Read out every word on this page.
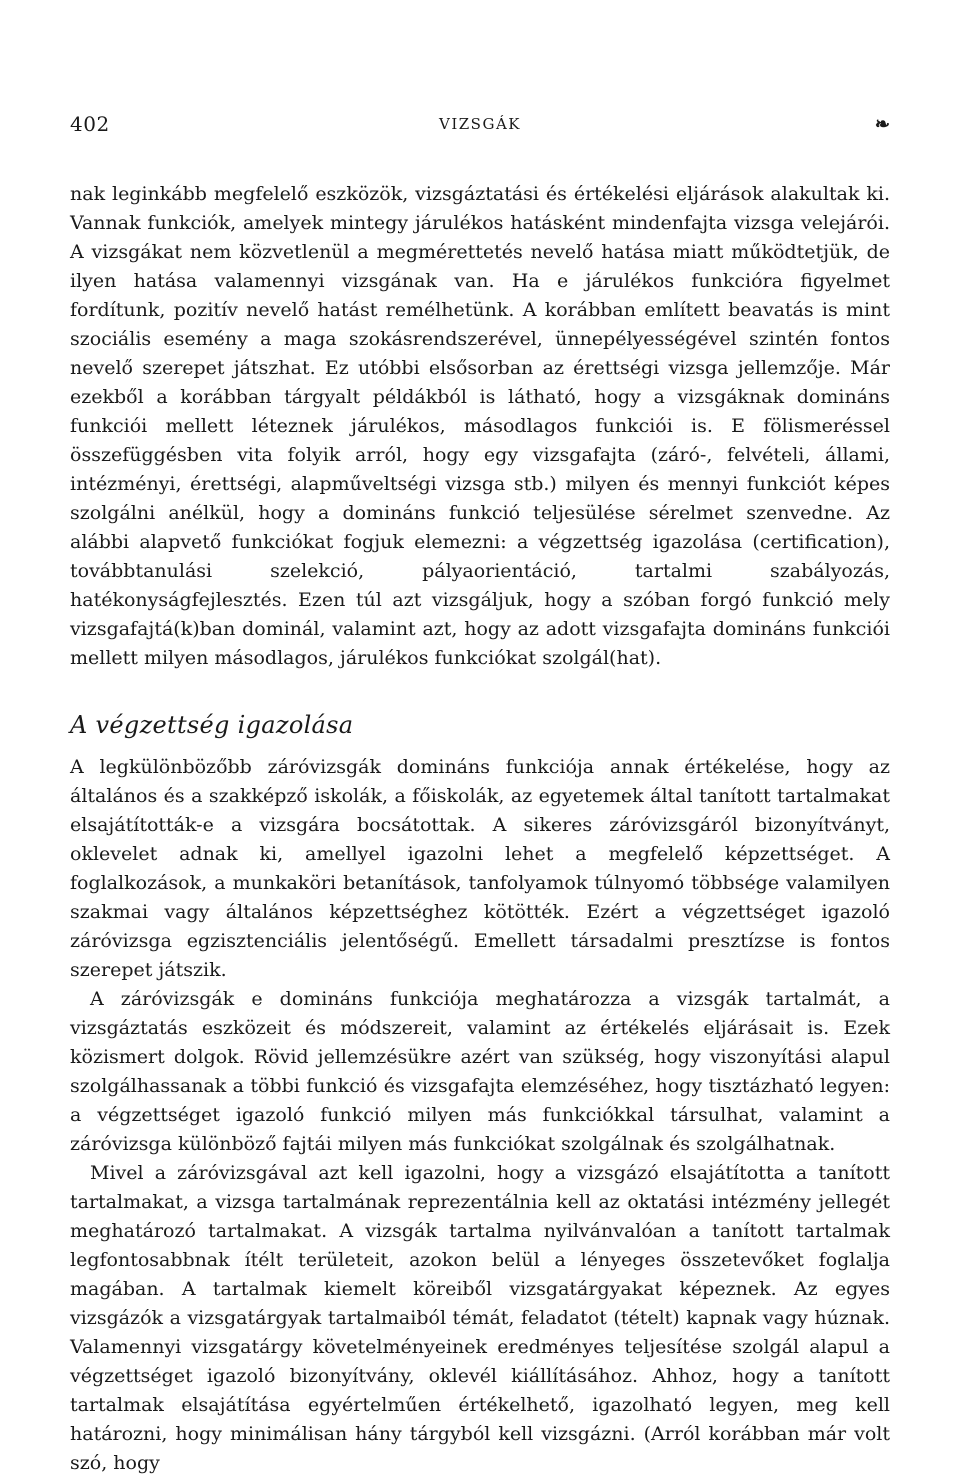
402	VIZSGÁK	❧

nak leginkább megfelelő eszközök, vizsgáztatási és értékelési eljárások alakultak ki. Vannak funkciók, amelyek mintegy járulékos hatásként mindenfajta vizsga velejárói. A vizsgákat nem közvetlenül a megmérettetés nevelő hatása miatt működtetjük, de ilyen hatása valamennyi vizsgának van. Ha e járulékos funkcióra figyelmet fordítunk, pozitív nevelő hatást remélhetünk. A korábban említett beavatás is mint szociális esemény a maga szokásrendszerével, ünnepélyességével szintén fontos nevelő szerepet játszhat. Ez utóbbi elsősorban az érettségi vizsga jellemzője. Már ezekből a korábban tárgyalt példákból is látható, hogy a vizsgáknak domináns funkciói mellett léteznek járulékos, másodlagos funkciói is. E fölismeréssel összefüggésben vita folyik arról, hogy egy vizsgafajta (záró-, felvételi, állami, intézményi, érettségi, alapműveltségi vizsga stb.) milyen és mennyi funkciót képes szolgálni anélkül, hogy a domináns funkció teljesülése sérelmet szenvedne. Az alábbi alapvető funkciókat fogjuk elemezni: a végzettség igazolása (certification), továbbtanulási szelekció, pályaorientáció, tartalmi szabályozás, hatékonyságfejlesztés. Ezen túl azt vizsgáljuk, hogy a szóban forgó funkció mely vizsgafajtá(k)ban dominál, valamint azt, hogy az adott vizsgafajta domináns funkciói mellett milyen másodlagos, járulékos funkciókat szolgál(hat).

A végzettség igazolása

A legkülönbözőbb záróvizsgák domináns funkciója annak értékelése, hogy az általános és a szakképző iskolák, a főiskolák, az egyetemek által tanított tartalmakat elsajátították-e a vizsgára bocsátottak. A sikeres záróvizsgáról bizonyítványt, oklevelet adnak ki, amellyel igazolni lehet a megfelelő képzettséget. A foglalkozások, a munkaköri betanítások, tanfolyamok túlnyomó többsége valamilyen szakmai vagy általános képzettséghez kötötték. Ezért a végzettséget igazoló záróvizsga egzisztenciális jelentőségű. Emellett társadalmi presztízse is fontos szerepet játszik.

A záróvizsgák e domináns funkciója meghatározza a vizsgák tartalmát, a vizsgáztatás eszközeit és módszereit, valamint az értékelés eljárásait is. Ezek közismert dolgok. Rövid jellemzésükre azért van szükség, hogy viszonyítási alapul szolgálhassanak a többi funkció és vizsgafajta elemzéséhez, hogy tisztázható legyen: a végzettséget igazoló funkció milyen más funkciókkal társulhat, valamint a záróvizsga különböző fajtái milyen más funkciókat szolgálnak és szolgálhatnak.

Mivel a záróvizsgával azt kell igazolni, hogy a vizsgázó elsajátította a tanított tartalmakat, a vizsga tartalmának reprezentálnia kell az oktatási intézmény jellegét meghatározó tartalmakat. A vizsgák tartalma nyilvánvalóan a tanított tartalmak legfontosabbnak ítélt területeit, azokon belül a lényeges összetevőket foglalja magában. A tartalmak kiemelt köreiből vizsgatárgyakat képeznek. Az egyes vizsgázók a vizsgatárgyak tartalmaiból témát, feladatot (tételt) kapnak vagy húznak. Valamennyi vizsgatárgy követelményeinek eredményes teljesítése szolgál alapul a végzettséget igazoló bizonyítvány, oklevél kiállításához. Ahhoz, hogy a tanított tartalmak elsajátítása egyértelműen értékelhető, igazolható legyen, meg kell határozni, hogy minimálisan hány tárgyból kell vizsgázni. (Arról korábban már volt szó, hogy
